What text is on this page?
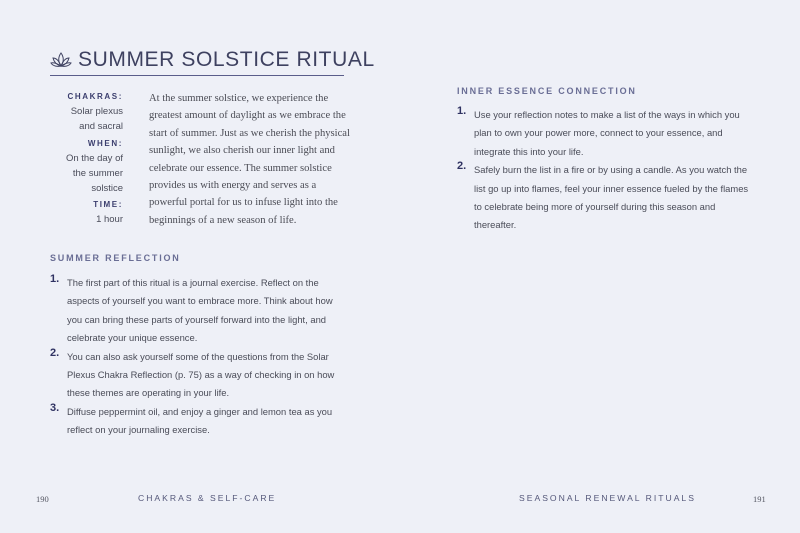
SUMMER SOLSTICE RITUAL
CHAKRAS:
Solar plexus
and sacral
WHEN:
On the day of
the summer
solstice
TIME:
1 hour
At the summer solstice, we experience the greatest amount of daylight as we embrace the start of summer. Just as we cherish the physical sunlight, we also cherish our inner light and celebrate our essence. The summer solstice provides us with energy and serves as a powerful portal for us to infuse light into the beginnings of a new season of life.
SUMMER REFLECTION
1. The first part of this ritual is a journal exercise. Reflect on the aspects of yourself you want to embrace more. Think about how you can bring these parts of yourself forward into the light, and celebrate your unique essence.
2. You can also ask yourself some of the questions from the Solar Plexus Chakra Reflection (p. 75) as a way of checking in on how these themes are operating in your life.
3. Diffuse peppermint oil, and enjoy a ginger and lemon tea as you reflect on your journaling exercise.
190	CHAKRAS & SELF-CARE
INNER ESSENCE CONNECTION
1. Use your reflection notes to make a list of the ways in which you plan to own your power more, connect to your essence, and integrate this into your life.
2. Safely burn the list in a fire or by using a candle. As you watch the list go up into flames, feel your inner essence fueled by the flames to celebrate being more of yourself during this season and thereafter.
SEASONAL RENEWAL RITUALS	191
